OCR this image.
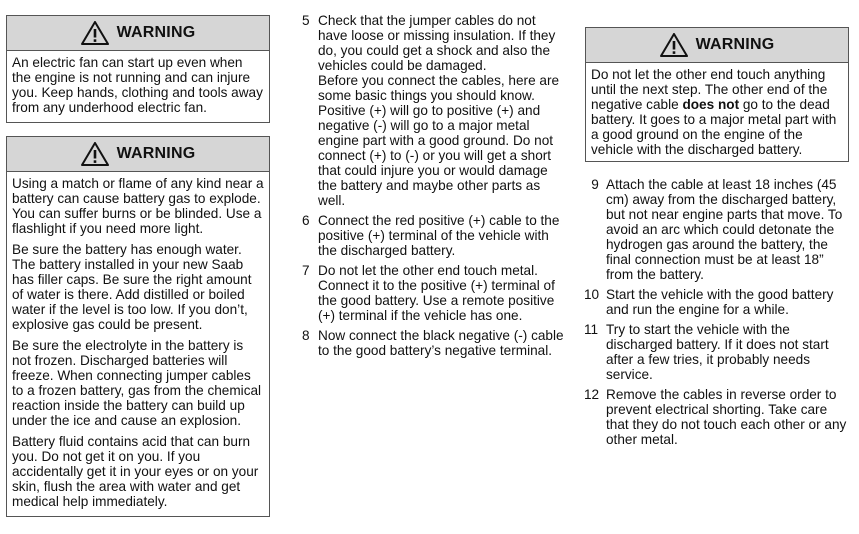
WARNING

An electric fan can start up even when the engine is not running and can injure you. Keep hands, clothing and tools away from any underhood electric fan.

WARNING

Using a match or flame of any kind near a battery can cause battery gas to explode. You can suffer burns or be blinded. Use a flashlight if you need more light.

Be sure the battery has enough water. The battery installed in your new Saab has filler caps. Be sure the right amount of water is there. Add distilled or boiled water if the level is too low. If you don’t, explosive gas could be present.

Be sure the electrolyte in the battery is not frozen. Discharged batteries will freeze. When connecting jumper cables to a frozen battery, gas from the chemical reaction inside the battery can build up under the ice and cause an explosion.

Battery fluid contains acid that can burn you. Do not get it on you. If you accidentally get it in your eyes or on your skin, flush the area with water and get medical help immediately.

5 Check that the jumper cables do not have loose or missing insulation. If they do, you could get a shock and also the vehicles could be damaged.

Before you connect the cables, here are some basic things you should know. Positive (+) will go to positive (+) and negative (-) will go to a major metal engine part with a good ground. Do not connect (+) to (-) or you will get a short that could injure you or would damage the battery and maybe other parts as well.

6 Connect the red positive (+) cable to the positive (+) terminal of the vehicle with the discharged battery.

7 Do not let the other end touch metal. Connect it to the positive (+) terminal of the good battery. Use a remote positive (+) terminal if the vehicle has one.

8 Now connect the black negative (-) cable to the good battery’s negative terminal.

WARNING

Do not let the other end touch anything until the next step. The other end of the negative cable does not go to the dead battery. It goes to a major metal part with a good ground on the engine of the vehicle with the discharged battery.

9 Attach the cable at least 18 inches (45 cm) away from the discharged battery, but not near engine parts that move. To avoid an arc which could detonate the hydrogen gas around the battery, the final connection must be at least 18” from the battery.

10 Start the vehicle with the good battery and run the engine for a while.

11 Try to start the vehicle with the discharged battery. If it does not start after a few tries, it probably needs service.

12 Remove the cables in reverse order to prevent electrical shorting. Take care that they do not touch each other or any other metal.
